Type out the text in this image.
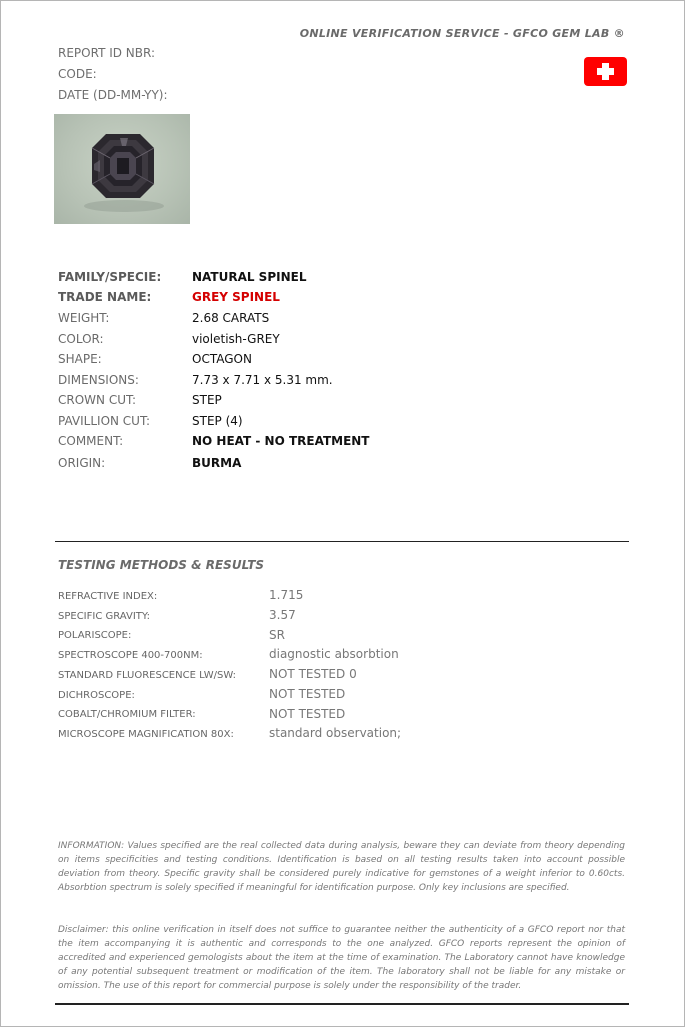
ONLINE VERIFICATION SERVICE - GFCO GEM LAB ®
REPORT ID NBR:
CODE:
DATE (DD-MM-YY):
FAMILY/SPECIE:	NATURAL SPINEL
TRADE NAME:	GREY SPINEL
WEIGHT:	2.68 CARATS
COLOR:	violetish-GREY
SHAPE:	OCTAGON
DIMENSIONS:	7.73 x 7.71 x 5.31 mm.
CROWN CUT:	STEP
PAVILLION CUT:	STEP (4)
COMMENT:	NO HEAT - NO TREATMENT
ORIGIN:	BURMA
TESTING METHODS & RESULTS
REFRACTIVE INDEX:	1.715
SPECIFIC GRAVITY:	3.57
POLARISCOPE:	SR
SPECTROSCOPE 400-700NM:	diagnostic absorbtion
STANDARD FLUORESCENCE LW/SW:	NOT TESTED 0
DICHROSCOPE:	NOT TESTED
COBALT/CHROMIUM FILTER:	NOT TESTED
MICROSCOPE MAGNIFICATION 80X:	standard observation;
INFORMATION: Values specified are the real collected data during analysis, beware they can deviate from theory depending on items specificities and testing conditions. Identification is based on all testing results taken into account possible deviation from theory. Specific gravity shall be considered purely indicative for gemstones of a weight inferior to 0.60cts. Absorbtion spectrum is solely specified if meaningful for identification purpose. Only key inclusions are specified.
Disclaimer: this online verification in itself does not suffice to guarantee neither the authenticity of a GFCO report nor that the item accompanying it is authentic and corresponds to the one analyzed. GFCO reports represent the opinion of accredited and experienced gemologists about the item at the time of examination. The Laboratory cannot have knowledge of any potential subsequent treatment or modification of the item. The laboratory shall not be liable for any mistake or omission. The use of this report for commercial purpose is solely under the responsibility of the trader.
